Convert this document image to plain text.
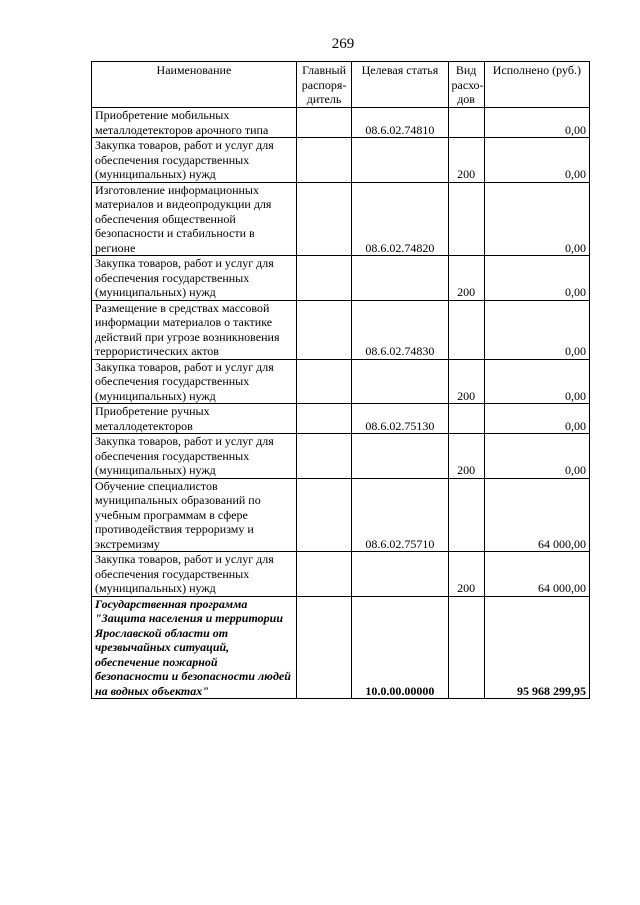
269
Наименование	Главный распоря- дитель	Целевая статья	Вид расхо- дов	Исполнено (руб.)
Приобретение мобильных металлодетекторов арочного типа		08.6.02.74810		0,00
Закупка товаров, работ и услуг для обеспечения государственных (муниципальных) нужд			200	0,00
Изготовление информационных материалов и видеопродукции для обеспечения общественной безопасности и стабильности в регионе		08.6.02.74820		0,00
Закупка товаров, работ и услуг для обеспечения государственных (муниципальных) нужд			200	0,00
Размещение в средствах массовой информации материалов о тактике действий при угрозе возникновения террористических актов		08.6.02.74830		0,00
Закупка товаров, работ и услуг для обеспечения государственных (муниципальных) нужд			200	0,00
Приобретение ручных металлодетекторов		08.6.02.75130		0,00
Закупка товаров, работ и услуг для обеспечения государственных (муниципальных) нужд			200	0,00
Обучение специалистов муниципальных образований по учебным программам в сфере противодействия терроризму и экстремизму		08.6.02.75710		64 000,00
Закупка товаров, работ и услуг для обеспечения государственных (муниципальных) нужд			200	64 000,00
Государственная программа "Защита населения и территории Ярославской области от чрезвычайных ситуаций, обеспечение пожарной безопасности и безопасности людей на водных объектах"		10.0.00.00000		95 968 299,95
